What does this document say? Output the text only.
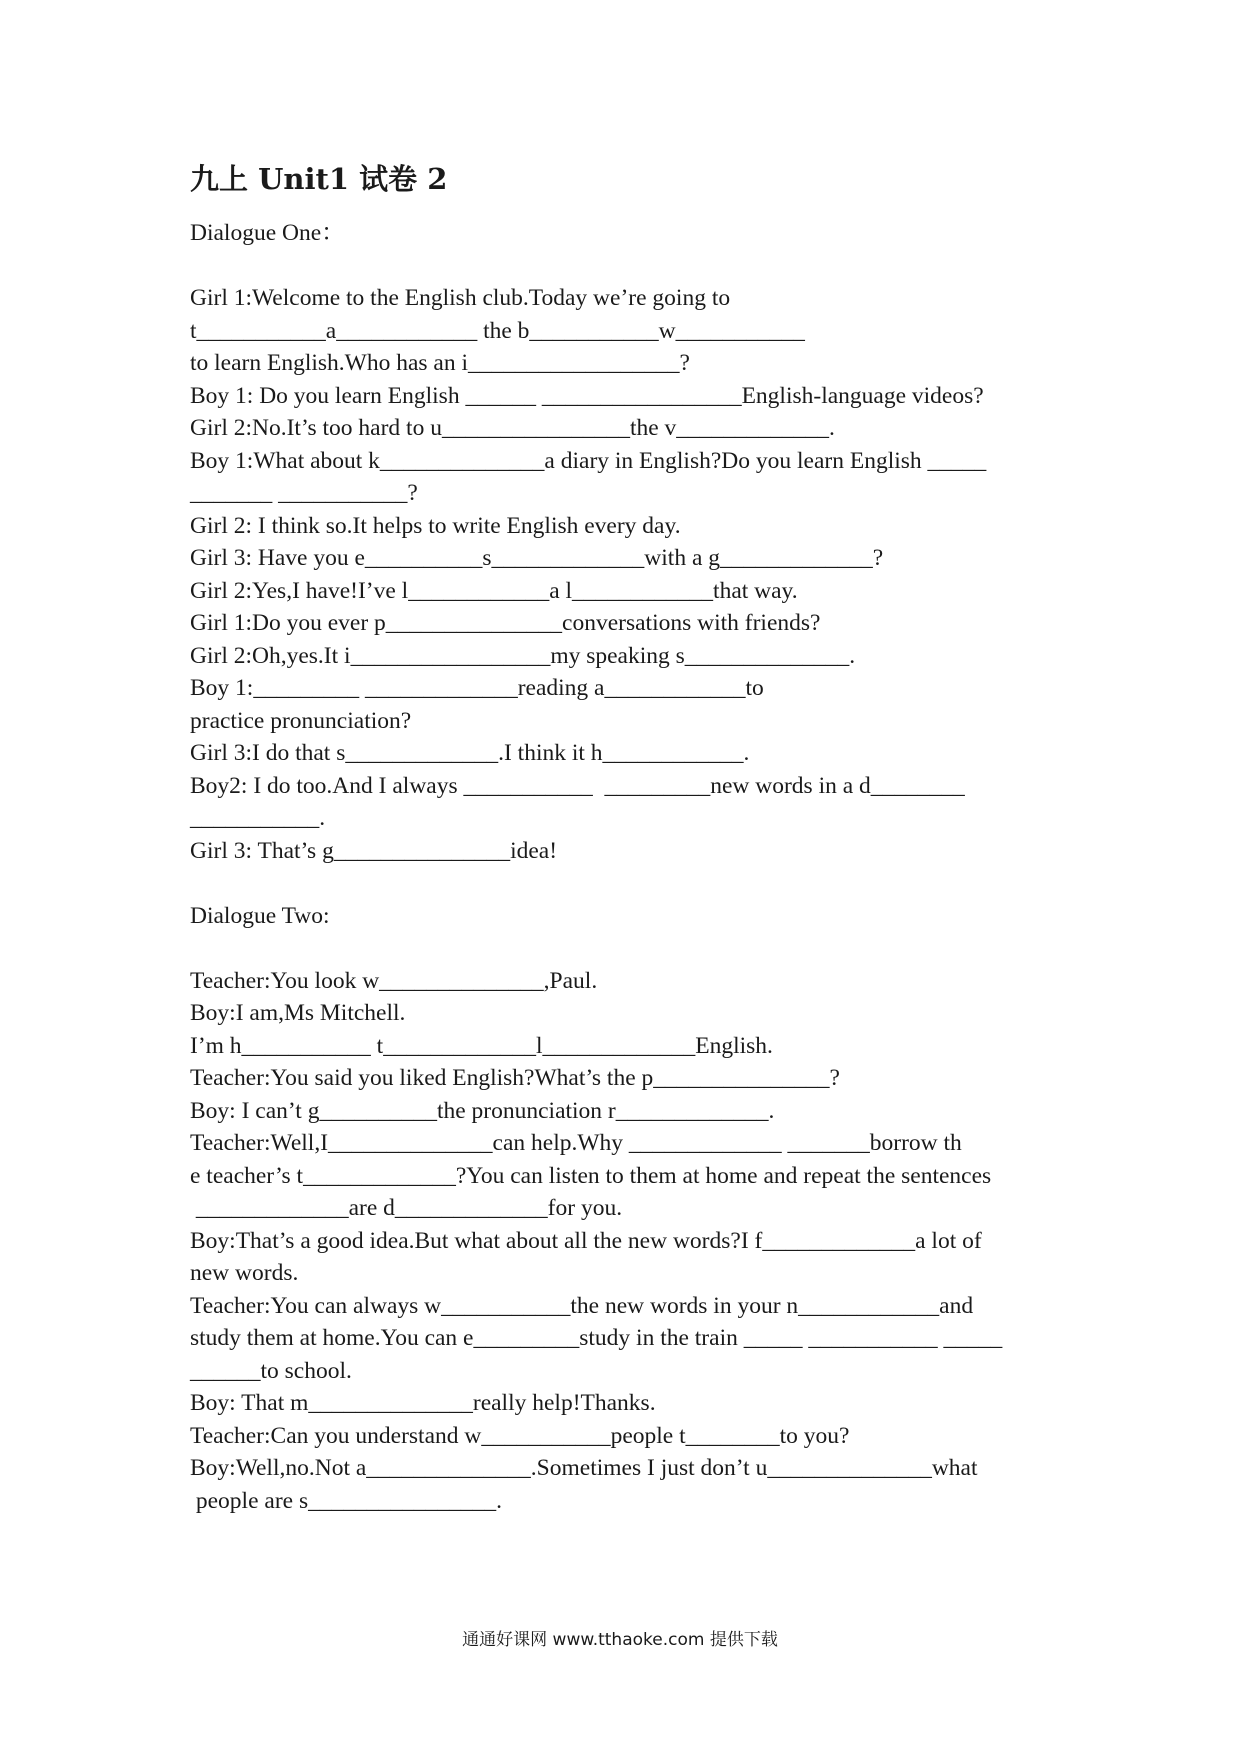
九上 Unit1 试卷 2
Dialogue One：
Girl 1:Welcome to the English club.Today we’re going to
t___________a____________ the b___________w___________
to learn English.Who has an i__________________?
Boy 1: Do you learn English ______ _________________English-language videos?
Girl 2:No.It’s too hard to u________________the v_____________.
Boy 1:What about k______________a diary in English?Do you learn English _____
_______ ___________?
Girl 2: I think so.It helps to write English every day.
Girl 3: Have you e__________s_____________with a g_____________?
Girl 2:Yes,I have!I’ve l____________a l____________that way.
Girl 1:Do you ever p_______________conversations with friends?
Girl 2:Oh,yes.It i_________________my speaking s______________.
Boy 1:_________ _____________reading a____________to
practice pronunciation?
Girl 3:I do that s_____________.I think it h____________.
Boy2: I do too.And I always ___________  _________new words in a d________
___________.
Girl 3: That’s g_______________idea!
Dialogue Two:
Teacher:You look w______________,Paul.
Boy:I am,Ms Mitchell.
I’m h___________ t_____________l_____________English.
Teacher:You said you liked English?What’s the p_______________?
Boy: I can’t g__________the pronunciation r_____________.
Teacher:Well,I______________can help.Why _____________ _______borrow th
e teacher’s t_____________?You can listen to them at home and repeat the sentences
_____________are d_____________for you.
Boy:That’s a good idea.But what about all the new words?I f_____________a lot of
new words.
Teacher:You can always w___________the new words in your n____________and
study them at home.You can e_________study in the train _____ ___________ _____
______to school.
Boy: That m______________really help!Thanks.
Teacher:Can you understand w___________people t________to you?
Boy:Well,no.Not a______________.Sometimes I just don’t u______________what
people are s________________.
通通好课网 www.tthaoke.com 提供下载
